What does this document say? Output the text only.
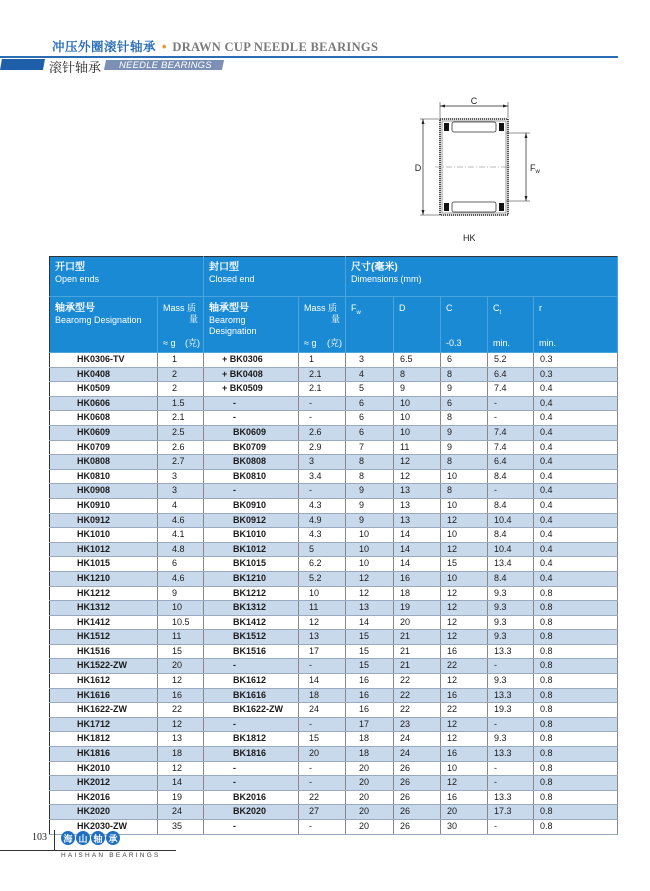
冲压外圈滚针轴承 • DRAWN CUP NEEDLE BEARINGS
滚针轴承 NEEDLE BEARINGS
C
D	$F_w$
HK
开口型
Open ends		封口型
Closed end		尺寸(毫米)
Dimensions (mm)				

轴承型号
Bearomg Designation	Mass 质
量
≈ g (克)	轴承型号
Bearomg Designation	Mass 质
量
≈ g (克)	$F_w$	D	C
-0.3	$C_t$
min.	r
min.

HK0306-TV	1	+ BK0306	1	3	6.5	6	5.2	0.3
HK0408	2	+ BK0408	2.1	4	8	8	6.4	0.3
HK0509	2	+ BK0509	2.1	5	9	9	7.4	0.4
HK0606	1.5	-	-	6	10	6	-	0.4
HK0608	2.1	-	-	6	10	8	-	0.4
HK0609	2.5	BK0609	2.6	6	10	9	7.4	0.4
HK0709	2.6	BK0709	2.9	7	11	9	7.4	0.4
HK0808	2.7	BK0808	3	8	12	8	6.4	0.4
HK0810	3	BK0810	3.4	8	12	10	8.4	0.4
HK0908	3	-	-	9	13	8	-	0.4
HK0910	4	BK0910	4.3	9	13	10	8.4	0.4
HK0912	4.6	BK0912	4.9	9	13	12	10.4	0.4
HK1010	4.1	BK1010	4.3	10	14	10	8.4	0.4
HK1012	4.8	BK1012	5	10	14	12	10.4	0.4
HK1015	6	BK1015	6.2	10	14	15	13.4	0.4
HK1210	4.6	BK1210	5.2	12	16	10	8.4	0.4
HK1212	9	BK1212	10	12	18	12	9.3	0.8
HK1312	10	BK1312	11	13	19	12	9.3	0.8
HK1412	10.5	BK1412	12	14	20	12	9.3	0.8
HK1512	11	BK1512	13	15	21	12	9.3	0.8
HK1516	15	BK1516	17	15	21	16	13.3	0.8
HK1522-ZW	20	-	-	15	21	22	-	0.8
HK1612	12	BK1612	14	16	22	12	9.3	0.8
HK1616	16	BK1616	18	16	22	16	13.3	0.8
HK1622-ZW	22	BK1622-ZW	24	16	22	22	19.3	0.8
HK1712	12	-	-	17	23	12	-	0.8
HK1812	13	BK1812	15	18	24	12	9.3	0.8
HK1816	18	BK1816	20	18	24	16	13.3	0.8
HK2010	12	-	-	20	26	10	-	0.8
HK2012	14	-	-	20	26	12	-	0.8
HK2016	19	BK2016	22	20	26	16	13.3	0.8
HK2020	24	BK2020	27	20	26	20	17.3	0.8
HK2030-ZW	35	-	-	20	26	30	-	0.8
103 海 山 轴 承
HAISHAN BEARINGS
